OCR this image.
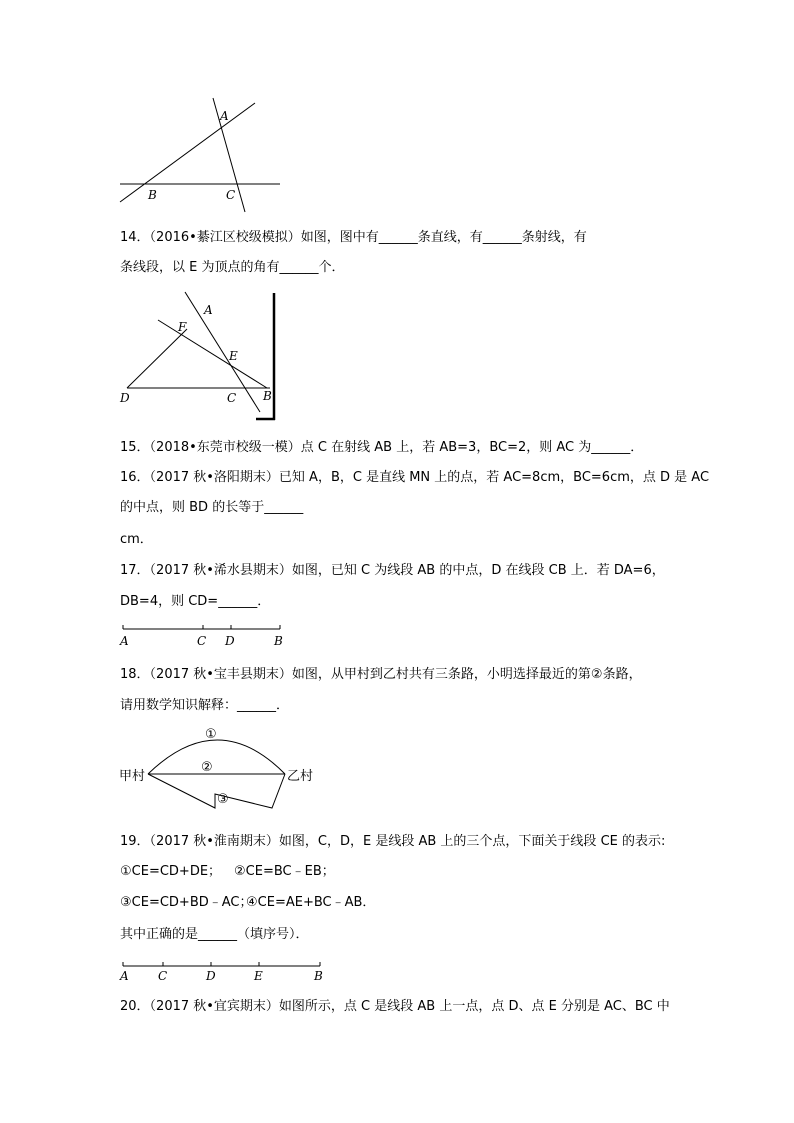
A
B	C
14．（2016•綦江区校级模拟）如图，图中有______条直线，有______条射线，有
条线段，以 E 为顶点的角有______个．
A
F
E
D	C B
15．（2018•东莞市校级一模）点 C 在射线 AB 上，若 AB=3，BC=2，则 AC 为______．
16．（2017 秋•洛阳期末）已知 A，B，C 是直线 MN 上的点，若 AC=8cm，BC=6cm，点 D 是 AC
的中点，则 BD 的长等于______
cm．
17．（2017 秋•浠水县期末）如图，已知 C 为线段 AB 的中点，D 在线段 CB 上．若 DA=6，
DB=4，则 CD=______．
A	C D	B
18．（2017 秋•宝丰县期末）如图，从甲村到乙村共有三条路，小明选择最近的第②条路，
请用数学知识解释：______．
甲村	乙村
①
②
③
19．（2017 秋•淮南期末）如图，C，D，E 是线段 AB 上的三个点，下面关于线段 CE 的表示:
①CE=CD+DE； ②CE=BC﹣EB；
③CE=CD+BD﹣AC；
④CE=AE+BC﹣AB．
其中正确的是______（填序号）．
A C	D	E	B
20．（2017 秋•宜宾期末）如图所示，点 C 是线段 AB 上一点，点 D、点 E 分别是 AC、BC 中
